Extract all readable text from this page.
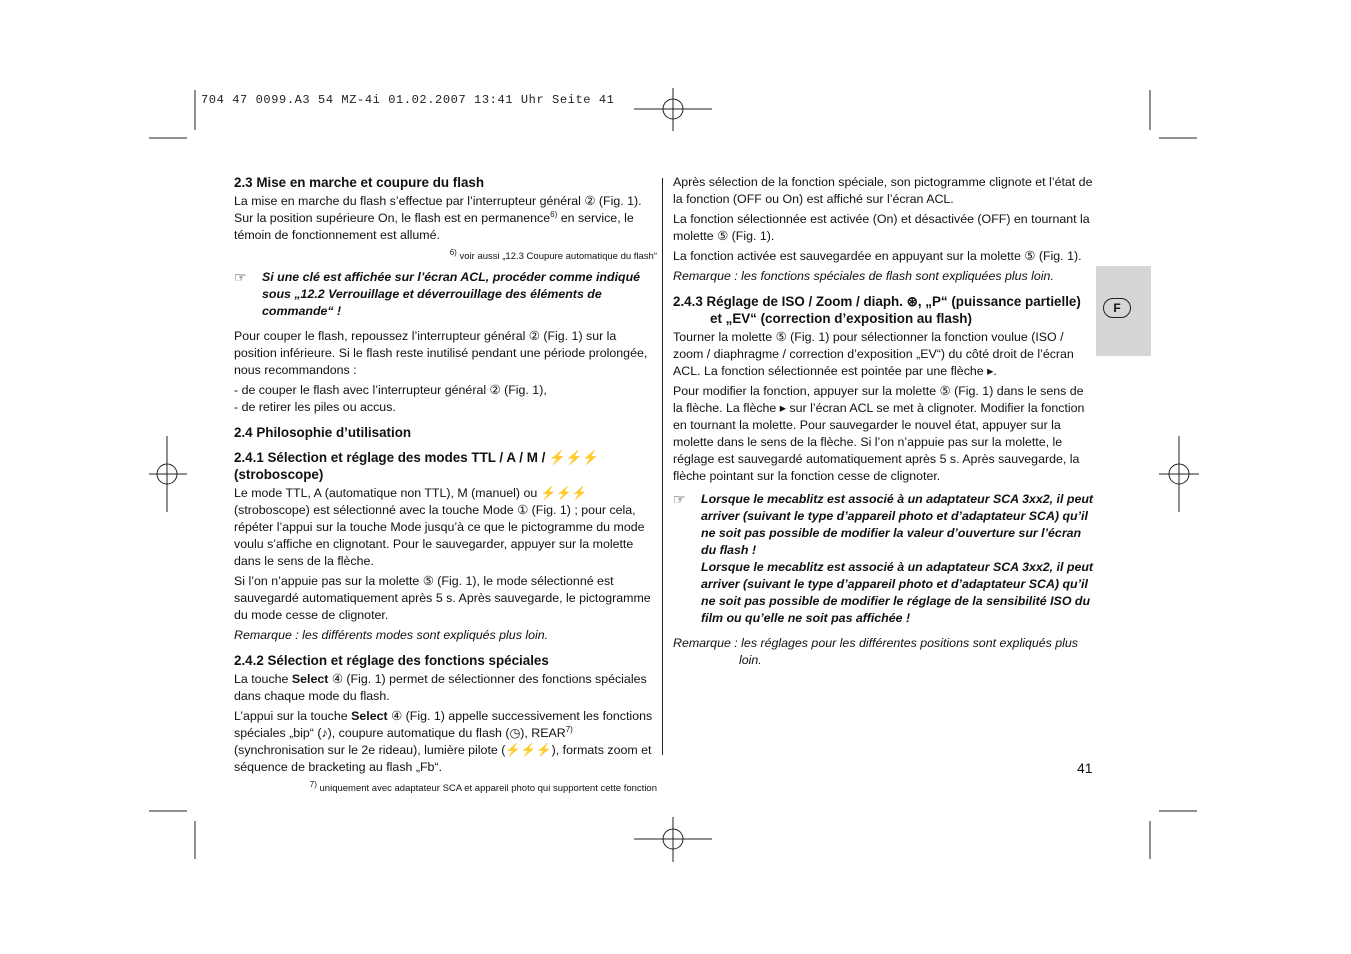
704 47 0099.A3 54 MZ-4i 01.02.2007 13:41 Uhr Seite 41
F
2.3 Mise en marche et coupure du flash

La mise en marche du flash s’effectue par l’interrupteur général ② (Fig. 1). Sur la position supérieure On, le flash est en permanence$^{6)}$ en service, le témoin de fonctionnement est allumé.

$^{6)}$ voir aussi „12.3 Coupure automatique du flash“
☞ Si une clé est affichée sur l’écran ACL, procéder comme indiqué sous „12.2 Verrouillage et déverrouillage des éléments de commande“ !

Pour couper le flash, repoussez l’interrupteur général ② (Fig. 1) sur la position inférieure. Si le flash reste inutilisé pendant une période prolongée, nous recommandons :

- de couper le flash avec l’interrupteur général ② (Fig. 1),

- de retirer les piles ou accus.

2.4 Philosophie d’utilisation
2.4.1 Sélection et réglage des modes TTL / A / M / ⚡⚡⚡ (stroboscope)

Le mode TTL, A (automatique non TTL), M (manuel) ou ⚡⚡⚡ (stroboscope) est sélectionné avec la touche Mode ① (Fig. 1) ; pour cela, répéter l’appui sur la touche Mode jusqu’à ce que le pictogramme du mode voulu s’affiche en clignotant. Pour le sauvegarder, appuyer sur la molette dans le sens de la flèche.

Si l’on n’appuie pas sur la molette ⑤ (Fig. 1), le mode sélectionné est sauvegardé automatiquement après 5 s. Après sauvegarde, le pictogramme du mode cesse de clignoter.

Remarque : les différents modes sont expliqués plus loin.

2.4.2 Sélection et réglage des fonctions spéciales

La touche Select ④ (Fig. 1) permet de sélectionner des fonctions spéciales dans chaque mode du flash.

L’appui sur la touche Select ④ (Fig. 1) appelle successivement les fonctions spéciales „bip“ (♪), coupure automatique du flash (◷), REAR$^{7)}$ (synchronisation sur le 2e rideau), lumière pilote (⚡⚡⚡), formats zoom et séquence de bracketing au flash „Fb“.

$^{7)}$ uniquement avec adaptateur SCA et appareil photo qui supportent cette fonction

Après sélection de la fonction spéciale, son pictogramme clignote et l’état de la fonction (OFF ou On) est affiché sur l’écran ACL.

La fonction sélectionnée est activée (On) et désactivée (OFF) en tournant la molette ⑤ (Fig. 1).

La fonction activée est sauvegardée en appuyant sur la molette ⑤ (Fig. 1).

Remarque : les fonctions spéciales de flash sont expliquées plus loin.

2.4.3 Réglage de ISO / Zoom / diaph. ⊛, „P“ (puissance partielle) et „EV“ (correction d’exposition au flash)

Tourner la molette ⑤ (Fig. 1) pour sélectionner la fonction voulue (ISO / zoom / diaphragme / correction d’exposition „EV“) du côté droit de l’écran ACL. La fonction sélectionnée est pointée par une flèche ▸.

Pour modifier la fonction, appuyer sur la molette ⑤ (Fig. 1) dans le sens de la flèche. La flèche ▸ sur l’écran ACL se met à clignoter. Modifier la fonction en tournant la molette. Pour sauvegarder le nouvel état, appuyer sur la molette dans le sens de la flèche. Si l’on n’appuie pas sur la molette, le réglage est sauvegardé automatiquement après 5 s. Après sauvegarde, la flèche pointant sur la fonction cesse de clignoter.

☞ Lorsque le mecablitz est associé à un adaptateur SCA 3xx2, il peut arriver (suivant le type d’appareil photo et d’adaptateur SCA) qu’il ne soit pas possible de modifier la valeur d’ouverture sur l’écran du flash !

Lorsque le mecablitz est associé à un adaptateur SCA 3xx2, il peut arriver (suivant le type d’appareil photo et d’adaptateur SCA) qu’il ne soit pas possible de modifier le réglage de la sensibilité ISO du film ou qu’elle ne soit pas affichée !

Remarque : les réglages pour les différentes positions sont expliqués plus loin.

41
